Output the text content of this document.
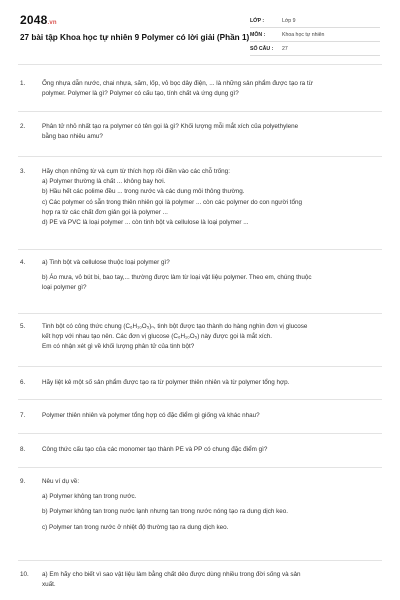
2048.vn
27 bài tập Khoa học tự nhiên 9 Polymer có lời giải (Phần 1)
LỚP :	Lớp 9
MÔN :	Khoa học tự nhiên
SỐ CÂU :	27
1.	Ống nhựa dẫn nước, chai nhựa, săm, lốp, vỏ bọc dây điện, ... là những sản phẩm được tạo ra từ

polymer. Polymer là gì? Polymer có cấu tạo, tính chất và ứng dụng gì?

2.	Phân tử nhỏ nhất tạo ra polymer có tên gọi là gì? Khối lượng mỗi mắt xích của polyethylene

bằng bao nhiêu amu?

3.	Hãy chọn những từ và cụm từ thích hợp rồi điền vào các chỗ trống:

a) Polymer thường là chất ... không bay hơi.

b) Hầu hết các polime đều ... trong nước và các dung môi thông thường.

c) Các polymer có sẵn trong thiên nhiên gọi là polymer ... còn các polymer do con người tổng

hợp ra từ các chất đơn giản gọi là polymer ...

d) PE và PVC là loại polymer ... còn tinh bột và cellulose là loại polymer ...

4.	a) Tinh bột và cellulose thuộc loại polymer gì?

b) Áo mưa, vỏ bút bi, bao tay,... thường được làm từ loại vật liệu polymer. Theo em, chúng thuộc

loại polymer gì?

5.	Tinh bột có công thức chung (C₆H₁₀O₅)ₙ, tinh bột được tạo thành do hàng nghìn đơn vị glucose

kết hợp với nhau tạo nên. Các đơn vị glucose (C₆H₁₀O₅) này được gọi là mắt xích.

Em có nhận xét gì về khối lượng phân tử của tinh bột?

6.	Hãy liệt kê một số sản phẩm được tạo ra từ polymer thiên nhiên và từ polymer tổng hợp.

7.	Polymer thiên nhiên và polymer tổng hợp có đặc điểm gì giống và khác nhau?

8.	Công thức cấu tạo của các monomer tạo thành PE và PP có chung đặc điểm gì?

9.	Nêu ví dụ về:

a) Polymer không tan trong nước.

b) Polymer không tan trong nước lạnh nhưng tan trong nước nóng tạo ra dung dịch keo.

c) Polymer tan trong nước ở nhiệt độ thường tạo ra dung dịch keo.

10. a) Em hãy cho biết vì sao vật liệu làm bằng chất dẻo được dùng nhiều trong đời sống và sản

xuất.
